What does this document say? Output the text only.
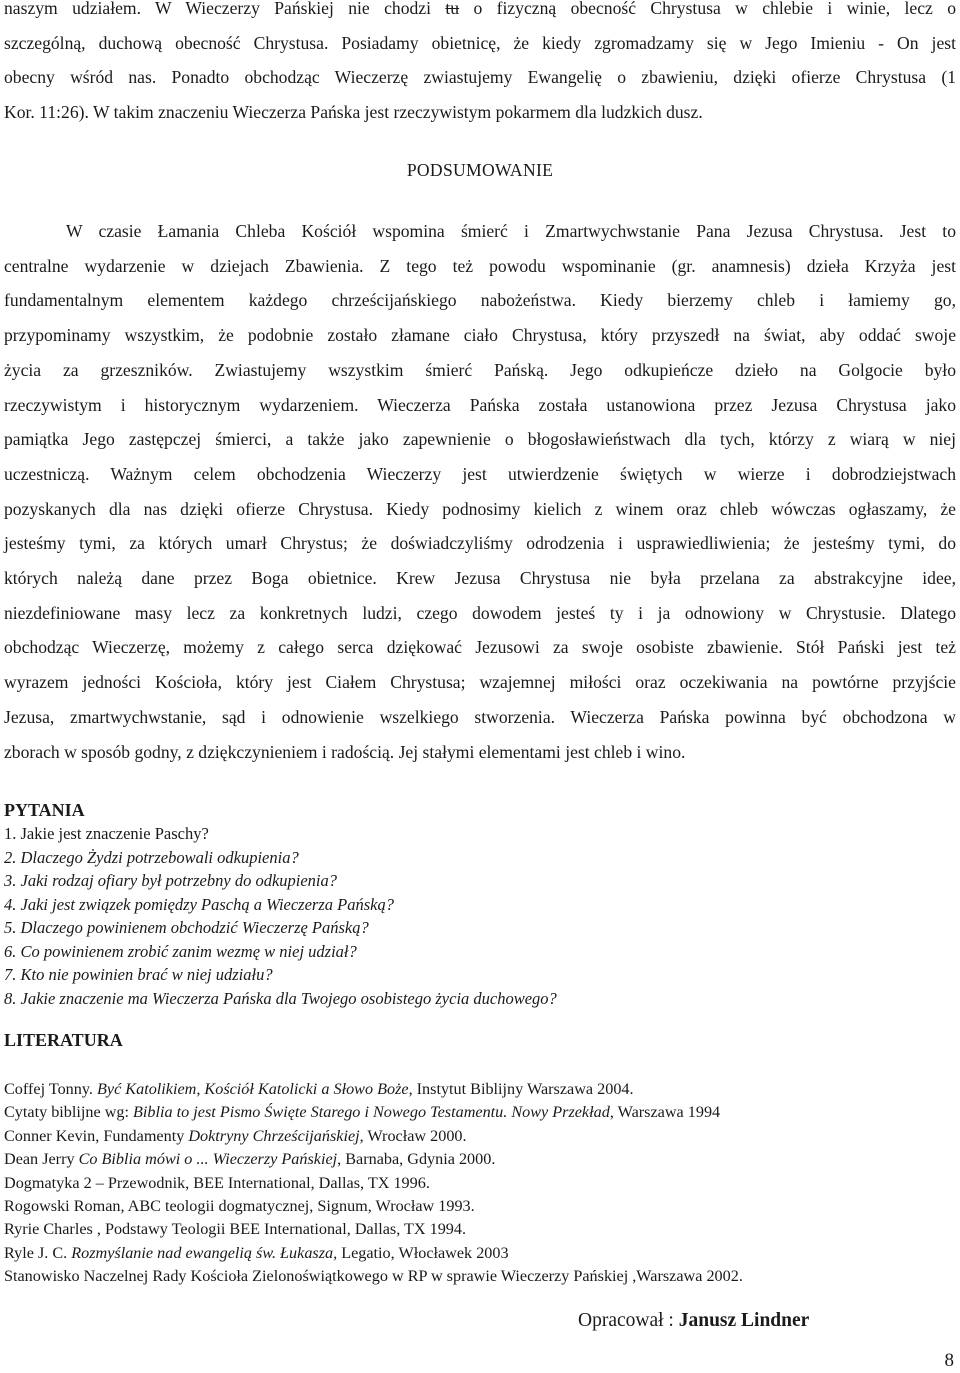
naszym udziałem. W Wieczerzy Pańskiej nie chodzi tu o fizyczną obecność Chrystusa w chlebie i winie, lecz o
szczególną, duchową obecność Chrystusa. Posiadamy obietnicę, że kiedy zgromadzamy się w Jego Imieniu - On jest
obecny wśród nas. Ponadto obchodząc Wieczerzę zwiastujemy Ewangelię o zbawieniu, dzięki ofierze Chrystusa (1
Kor. 11:26). W takim znaczeniu Wieczerza Pańska jest rzeczywistym pokarmem dla ludzkich dusz.

PODSUMOWANIE

W czasie Łamania Chleba Kościół wspomina śmierć i Zmartwychwstanie Pana Jezusa Chrystusa. Jest to
centralne wydarzenie w dziejach Zbawienia. Z tego też powodu wspominanie (gr. anamnesis) dzieła Krzyża jest
fundamentalnym elementem każdego chrześcijańskiego nabożeństwa. Kiedy bierzemy chleb i łamiemy go,
przypominamy wszystkim, że podobnie zostało złamane ciało Chrystusa, który przyszedł na świat, aby oddać swoje
życia za grzeszników. Zwiastujemy wszystkim śmierć Pańską. Jego odkupieńcze dzieło na Golgocie było
rzeczywistym i historycznym wydarzeniem. Wieczerza Pańska została ustanowiona przez Jezusa Chrystusa jako
pamiątka Jego zastępczej śmierci, a także jako zapewnienie o błogosławieństwach dla tych, którzy z wiarą w niej
uczestniczą. Ważnym celem obchodzenia Wieczerzy jest utwierdzenie świętych w wierze i dobrodziejstwach
pozyskanych dla nas dzięki ofierze Chrystusa. Kiedy podnosimy kielich z winem oraz chleb wówczas ogłaszamy, że
jesteśmy tymi, za których umarł Chrystus; że doświadczyliśmy odrodzenia i usprawiedliwienia; że jesteśmy tymi, do
których należą dane przez Boga obietnice. Krew Jezusa Chrystusa nie była przelana za abstrakcyjne idee,
niezdefiniowane masy lecz za konkretnych ludzi, czego dowodem jesteś ty i ja odnowiony w Chrystusie. Dlatego
obchodząc Wieczerzę, możemy z całego serca dziękować Jezusowi za swoje osobiste zbawienie. Stół Pański jest też
wyrazem jedności Kościoła, który jest Ciałem Chrystusa; wzajemnej miłości oraz oczekiwania na powtórne przyjście
Jezusa, zmartwychwstanie, sąd i odnowienie wszelkiego stworzenia. Wieczerza Pańska powinna być obchodzona w
zborach w sposób godny, z dziękczynieniem i radością. Jej stałymi elementami jest chleb i wino.

PYTANIA
1. Jakie jest znaczenie Paschy?
2. Dlaczego Żydzi potrzebowali odkupienia?
3. Jaki rodzaj ofiary był potrzebny do odkupienia?
4. Jaki jest związek pomiędzy Paschą a Wieczerza Pańską?
5. Dlaczego powinienem obchodzić Wieczerzę Pańską?
6. Co powinienem zrobić zanim wezmę w niej udział?
7. Kto nie powinien brać w niej udziału?
8. Jakie znaczenie ma Wieczerza Pańska dla Twojego osobistego życia duchowego?
LITERATURA
Coffej Tonny. Być Katolikiem, Kościół Katolicki a Słowo Boże, Instytut Biblijny Warszawa 2004.
Cytaty biblijne wg: Biblia to jest Pismo Święte Starego i Nowego Testamentu. Nowy Przekład, Warszawa 1994
Conner Kevin, Fundamenty Doktryny Chrześcijańskiej, Wrocław 2000.
Dean Jerry Co Biblia mówi o ... Wieczerzy Pańskiej, Barnaba, Gdynia 2000.
Dogmatyka 2 – Przewodnik, BEE International, Dallas, TX 1996.
Rogowski Roman, ABC teologii dogmatycznej, Signum, Wrocław 1993.
Ryrie Charles , Podstawy Teologii BEE International, Dallas, TX 1994.
Ryle J. C. Rozmyślanie nad ewangelią św. Łukasza, Legatio, Włocławek 2003
Stanowisko Naczelnej Rady Kościoła Zielonoświątkowego w RP w sprawie Wieczerzy Pańskiej ,Warszawa 2002.

Opracował : Janusz Lindner

8
